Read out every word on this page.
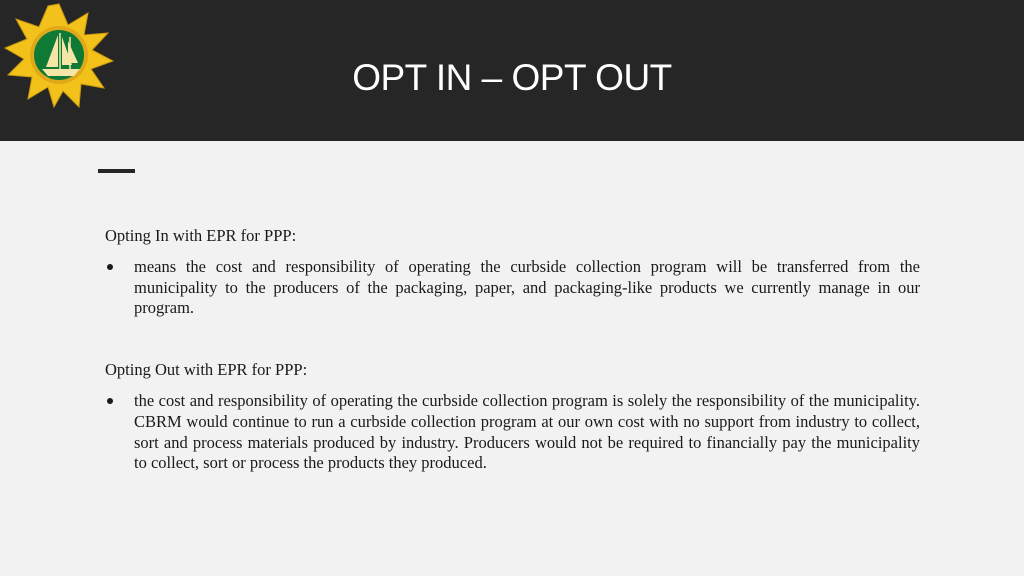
OPT IN – OPT OUT

Opting In with EPR for PPP:

means the cost and responsibility of operating the curbside collection program will be transferred from the municipality to the producers of the packaging, paper, and packaging-like products we currently manage in our program.

Opting Out with EPR for PPP:

the cost and responsibility of operating the curbside collection program is solely the responsibility of the municipality. CBRM would continue to run a curbside collection program at our own cost with no support from industry to collect, sort and process materials produced by industry. Producers would not be required to financially pay the municipality to collect, sort or process the products they produced.
